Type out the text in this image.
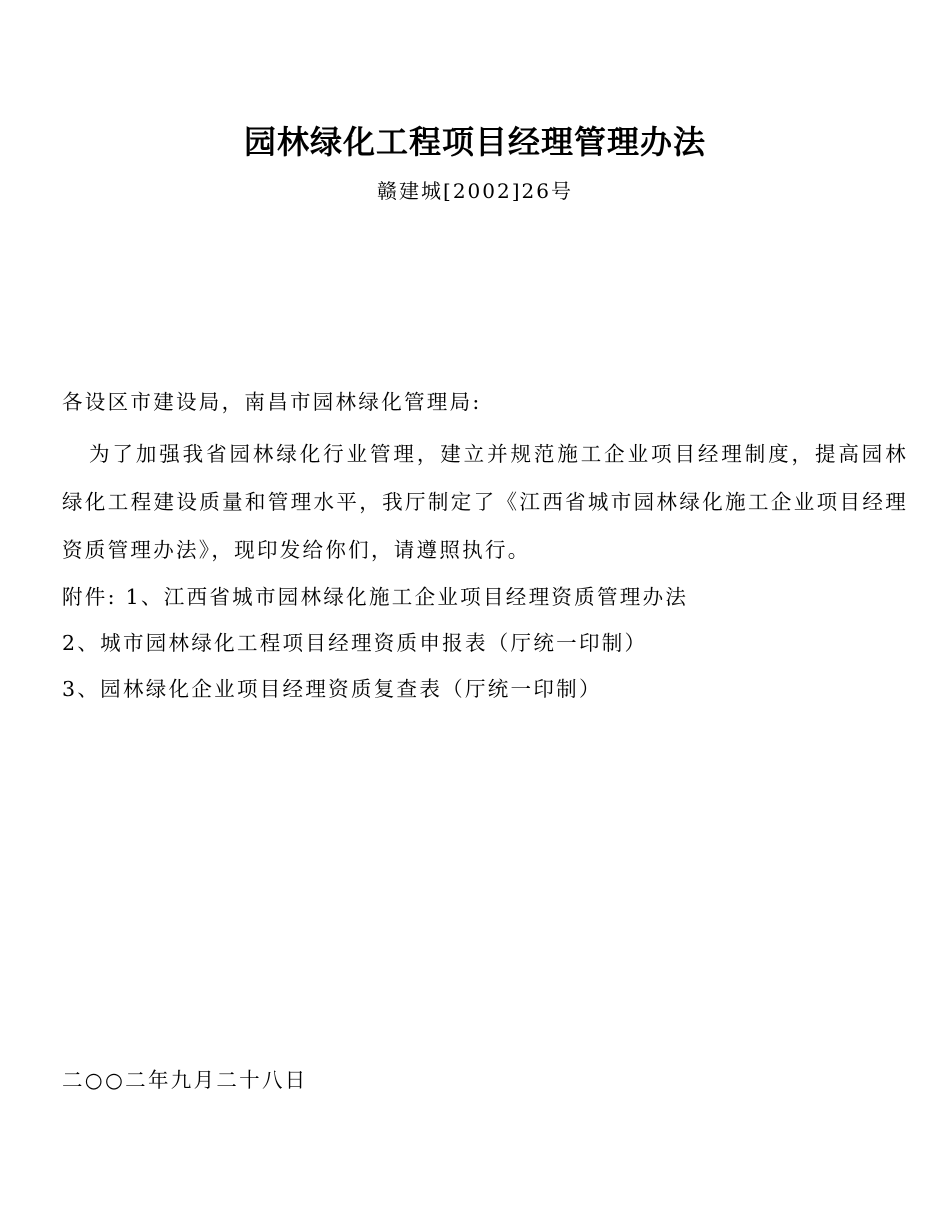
园林绿化工程项目经理管理办法
赣建城[2002]26号
各设区市建设局，南昌市园林绿化管理局:
为了加强我省园林绿化行业管理，建立并规范施工企业项目经理制度，提高园林绿化工程建设质量和管理水平，我厅制定了《江西省城市园林绿化施工企业项目经理资质管理办法》，现印发给你们，请遵照执行。
附件: 1、江西省城市园林绿化施工企业项目经理资质管理办法
2、城市园林绿化工程项目经理资质申报表（厅统一印制）
3、园林绿化企业项目经理资质复查表（厅统一印制）
二○○二年九月二十八日
